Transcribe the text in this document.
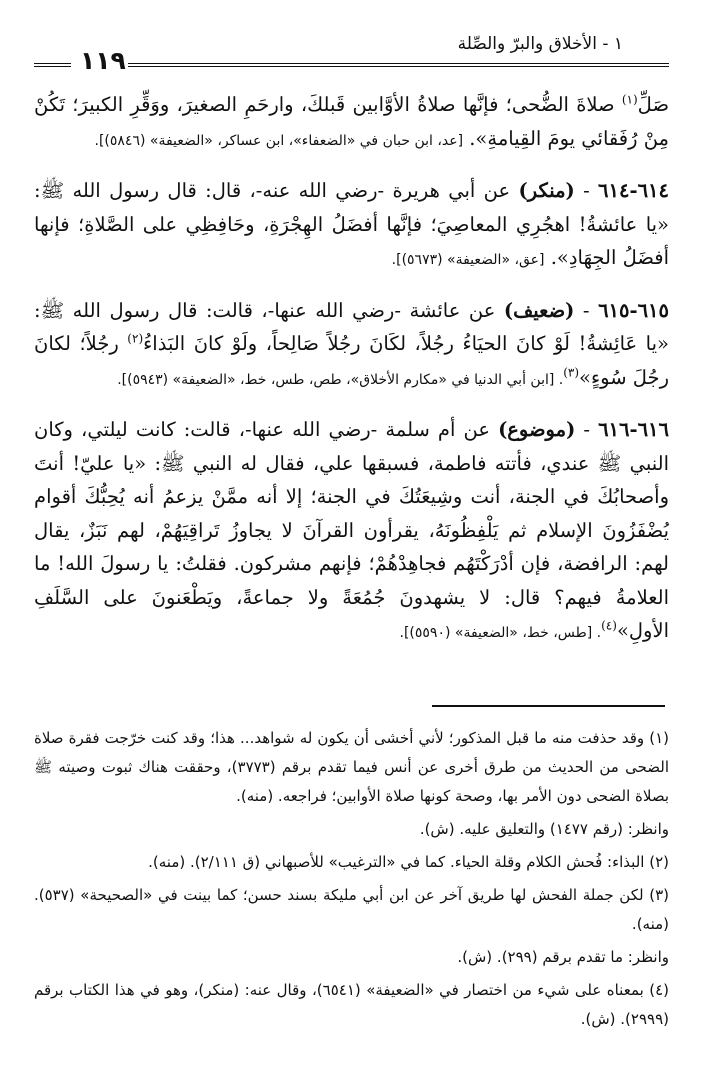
١ - الأخلاق والبرّ والصِّلة
١١٩

صَلِّ$^{(١)}$ صلاةَ الضُّحى؛ فإنَّها صلاةُ الأوَّابين قَبلكَ، وارحَمِ الصغيرَ، ووَقِّرِ الكبيرَ؛ تَكُنْ مِنْ رُفَقائي يومَ القِيامةِ». [عد، ابن حبان في «الضعفاء»، ابن عساكر، «الضعيفة» (٥٨٤٦)].

٦١٤-٦١٤ - (منكر) عن أبي هريرة -رضي الله عنه-، قال: قال رسول الله ﷺ: «يا عائشةُ! اهجُرِي المعاصِيَ؛ فإنَّها أفضَلُ الهِجْرَةِ، وحَافِظِي على الصَّلاةِ؛ فإنها أفضَلُ الجِهَادِ». [عق، «الضعيفة» (٥٦٧٣)].

٦١٥-٦١٥ - (ضعيف) عن عائشة -رضي الله عنها-، قالت: قال رسول الله ﷺ: «يا عَائِشةُ! لَوْ كانَ الحيَاءُ رجُلاً، لكَانَ رجُلاً صَالِحاً، ولَوْ كانَ البَذاءُ$^{(٢)}$ رجُلاً؛ لكانَ رجُلَ سُوءٍ»$^{(٣)}$. [ابن أبي الدنيا في «مكارم الأخلاق»، طص، طس، خط، «الضعيفة» (٥٩٤٣)].

٦١٦-٦١٦ - (موضوع) عن أم سلمة -رضي الله عنها-، قالت: كانت ليلتي، وكان النبي ﷺ عندي، فأتته فاطمة، فسبقها علي، فقال له النبي ﷺ: «يا عليّ! أنتَ وأصحابُكَ في الجنة، أنت وشِيعَتُكَ في الجنة؛ إلا أنه ممَّنْ يزعمُ أنه يُحِبُّكَ أقوام يُضْفَزُونَ الإسلام ثم يَلْفِظُونَهُ، يقرأون القرآنَ لا يجاوزُ تَراقِيَهُمْ، لهم نَبَزٌ، يقال لهم: الرافضة، فإن أدْرَكْتَهُم فجاهِدْهُمْ؛ فإنهم مشركون. فقلتُ: يا رسولَ الله! ما العلامةُ فيهم؟ قال: لا يشهدونَ جُمُعَةً ولا جماعةً، ويَطْعَنونَ على السَّلَفِ الأولِ»$^{(٤)}$. [طس، خط، «الضعيفة» (٥٥٩٠)].

(١) وقد حذفت منه ما قبل المذكور؛ لأني أخشى أن يكون له شواهد... هذا؛ وقد كنت خرّجت فقرة صلاة الضحى من الحديث من طرق أخرى عن أنس فيما تقدم برقم (٣٧٧٣)، وحققت هناك ثبوت وصيته ﷺ بصلاة الضحى دون الأمر بها، وصحة كونها صلاة الأوابين؛ فراجعه. (منه).

وانظر: (رقم ١٤٧٧) والتعليق عليه. (ش).

(٢) البذاء: فُحش الكلام وقلة الحياء. كما في «الترغيب» للأصبهاني (ق ٢/١١١). (منه).

(٣) لكن جملة الفحش لها طريق آخر عن ابن أبي مليكة بسند حسن؛ كما بينت في «الصحيحة» (٥٣٧). (منه).

وانظر: ما تقدم برقم (٢٩٩). (ش).

(٤) بمعناه على شيء من اختصار في «الضعيفة» (٦٥٤١)، وقال عنه: (منكر)، وهو في هذا الكتاب برقم (٢٩٩٩). (ش).
